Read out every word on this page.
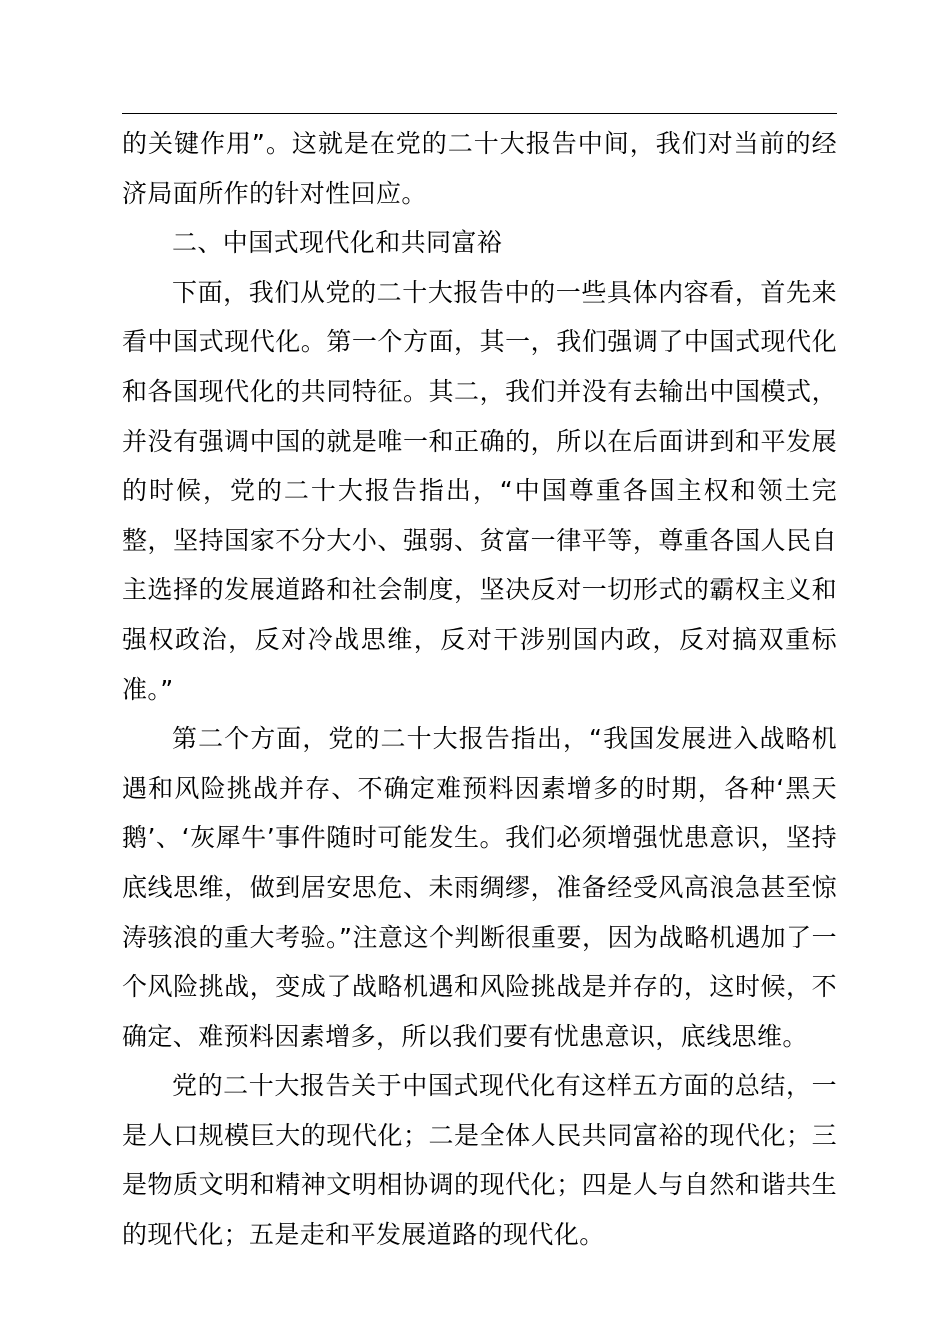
的关键作用”。这就是在党的二十大报告中间，我们对当前的经济局面所作的针对性回应。

二、中国式现代化和共同富裕

下面，我们从党的二十大报告中的一些具体内容看，首先来看中国式现代化。第一个方面，其一，我们强调了中国式现代化和各国现代化的共同特征。其二，我们并没有去输出中国模式，并没有强调中国的就是唯一和正确的，所以在后面讲到和平发展的时候，党的二十大报告指出，“中国尊重各国主权和领土完整，坚持国家不分大小、强弱、贫富一律平等，尊重各国人民自主选择的发展道路和社会制度，坚决反对一切形式的霸权主义和强权政治，反对冷战思维，反对干涉别国内政，反对搞双重标准。”

第二个方面，党的二十大报告指出，“我国发展进入战略机遇和风险挑战并存、不确定难预料因素增多的时期，各种‘黑天鹅’、‘灰犀牛’事件随时可能发生。我们必须增强忧患意识，坚持底线思维，做到居安思危、未雨绸缪，准备经受风高浪急甚至惊涛骇浪的重大考验。”注意这个判断很重要，因为战略机遇加了一个风险挑战，变成了战略机遇和风险挑战是并存的，这时候，不确定、难预料因素增多，所以我们要有忧患意识，底线思维。

党的二十大报告关于中国式现代化有这样五方面的总结，一是人口规模巨大的现代化；二是全体人民共同富裕的现代化；三是物质文明和精神文明相协调的现代化；四是人与自然和谐共生的现代化；五是走和平发展道路的现代化。
